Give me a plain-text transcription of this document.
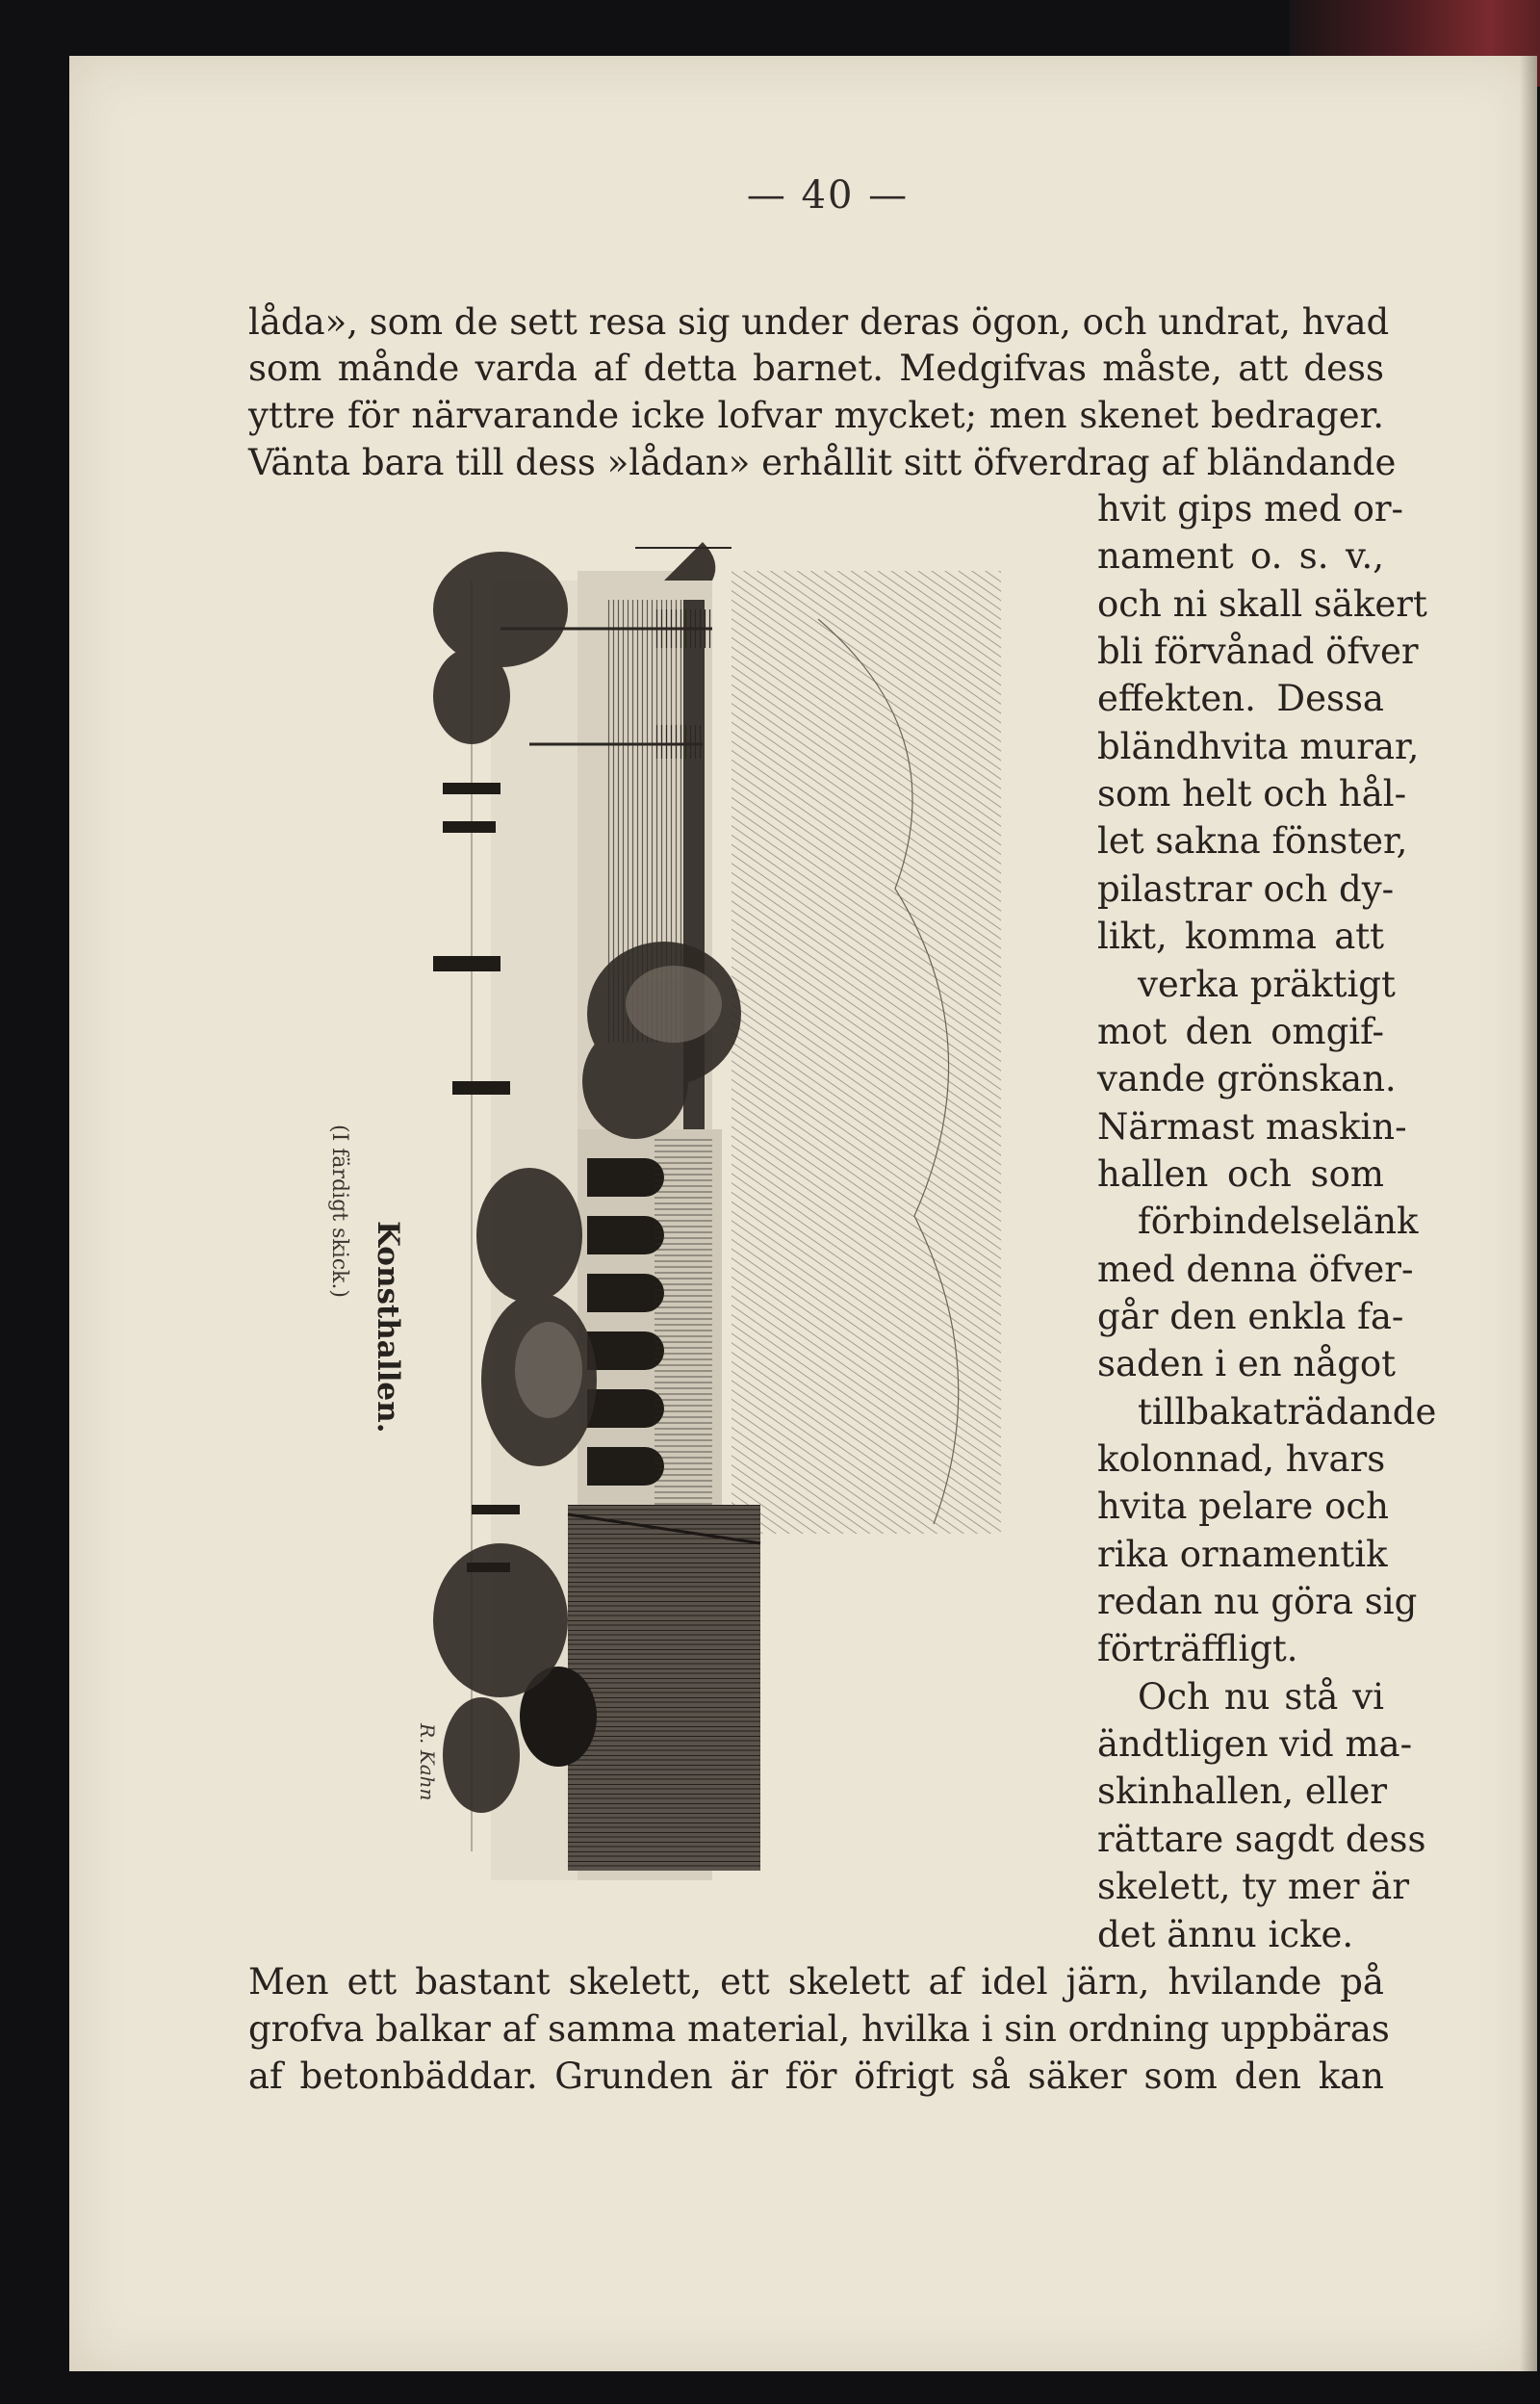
— 40 —
låda», som de sett resa sig under deras ögon, och undrat, hvad
som månde varda af detta barnet. Medgifvas måste, att dess
yttre för närvarande icke lofvar mycket; men skenet bedrager.
Vänta bara till dess »lådan» erhållit sitt öfverdrag af bländande
hvit gips med or-
nament o. s. v.,
och ni skall säkert
bli förvånad öfver
effekten. Dessa
bländhvita murar,
som helt och hål-
let sakna fönster,
pilastrar och dy-
likt, komma att
verka präktigt
mot den omgif-
vande grönskan.
Närmast maskin-
hallen och som
förbindelselänk
med denna öfver-
går den enkla fa-
saden i en något
tillbakaträdande
kolonnad, hvars
hvita pelare och
rika ornamentik
redan nu göra sig
förträffligt.
Och nu stå vi
ändtligen vid ma-
skinhallen, eller
rättare sagdt dess
skelett, ty mer är
det ännu icke.
Men ett bastant skelett, ett skelett af idel järn, hvilande på
grofva balkar af samma material, hvilka i sin ordning uppbäras
af betonbäddar. Grunden är för öfrigt så säker som den kan
Konsthallen.
(I färdigt skick.)
R. Kahn
